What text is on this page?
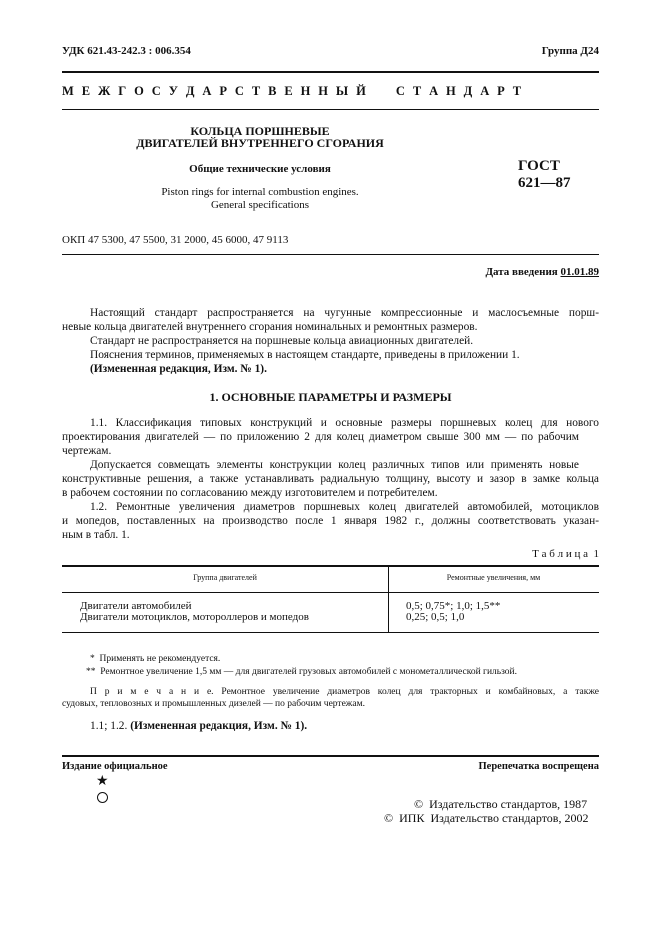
УДК 621.43-242.3 : 006.354	Группа Д24
М Е Ж Г О С У Д А Р С Т В Е Н Н Ы Й     С Т А Н Д А Р Т
КОЛЬЦА ПОРШНЕВЫЕ
ДВИГАТЕЛЕЙ ВНУТРЕННЕГО СГОРАНИЯ
Общие технические условия
Piston rings for internal combustion engines.
General specifications
ГОСТ
621—87
ОКП 47 5300, 47 5500, 31 2000, 45 6000, 47 9113
Дата введения 01.01.89
Настоящий стандарт распространяется на чугунные компрессионные и маслосъемные порш-
невые кольца двигателей внутреннего сгорания номинальных и ремонтных размеров.
Стандарт не распространяется на поршневые кольца авиационных двигателей.
Пояснения терминов, применяемых в настоящем стандарте, приведены в приложении 1.
(Измененная редакция, Изм. № 1).
1. ОСНОВНЫЕ ПАРАМЕТРЫ И РАЗМЕРЫ
1.1. Классификация типовых конструкций и основные размеры поршневых колец для нового
проектирования двигателей — по приложению 2 для колец диаметром свыше 300 мм — по рабочим
чертежам.
Допускается совмещать элементы конструкции колец различных типов или применять новые
конструктивные решения, а также устанавливать радиальную толщину, высоту и зазор в замке кольца
в рабочем состоянии по согласованию между изготовителем и потребителем.
1.2. Ремонтные увеличения диаметров поршневых колец двигателей автомобилей, мотоциклов
и мопедов, поставленных на производство после 1 января 1982 г., должны соответствовать указан-
ным в табл. 1.
Т а б л и ц а  1
Группа двигателей	Ремонтные увеличения, мм
Двигатели автомобилей	0,5; 0,75*; 1,0; 1,5**
Двигатели мотоциклов, мотороллеров и мопедов	0,25; 0,5; 1,0
*  Применять не рекомендуется.
**  Ремонтное увеличение 1,5 мм — для двигателей грузовых автомобилей с монометаллической гильзой.
П р и м е ч а н и е. Ремонтное увеличение диаметров колец для тракторных и комбайновых, а также
судовых, тепловозных и промышленных дизелей — по рабочим чертежам.
1.1; 1.2. (Измененная редакция, Изм. № 1).
Издание официальное	Перепечатка воспрещена
★
©  Издательство стандартов, 1987
©  ИПК  Издательство стандартов, 2002
